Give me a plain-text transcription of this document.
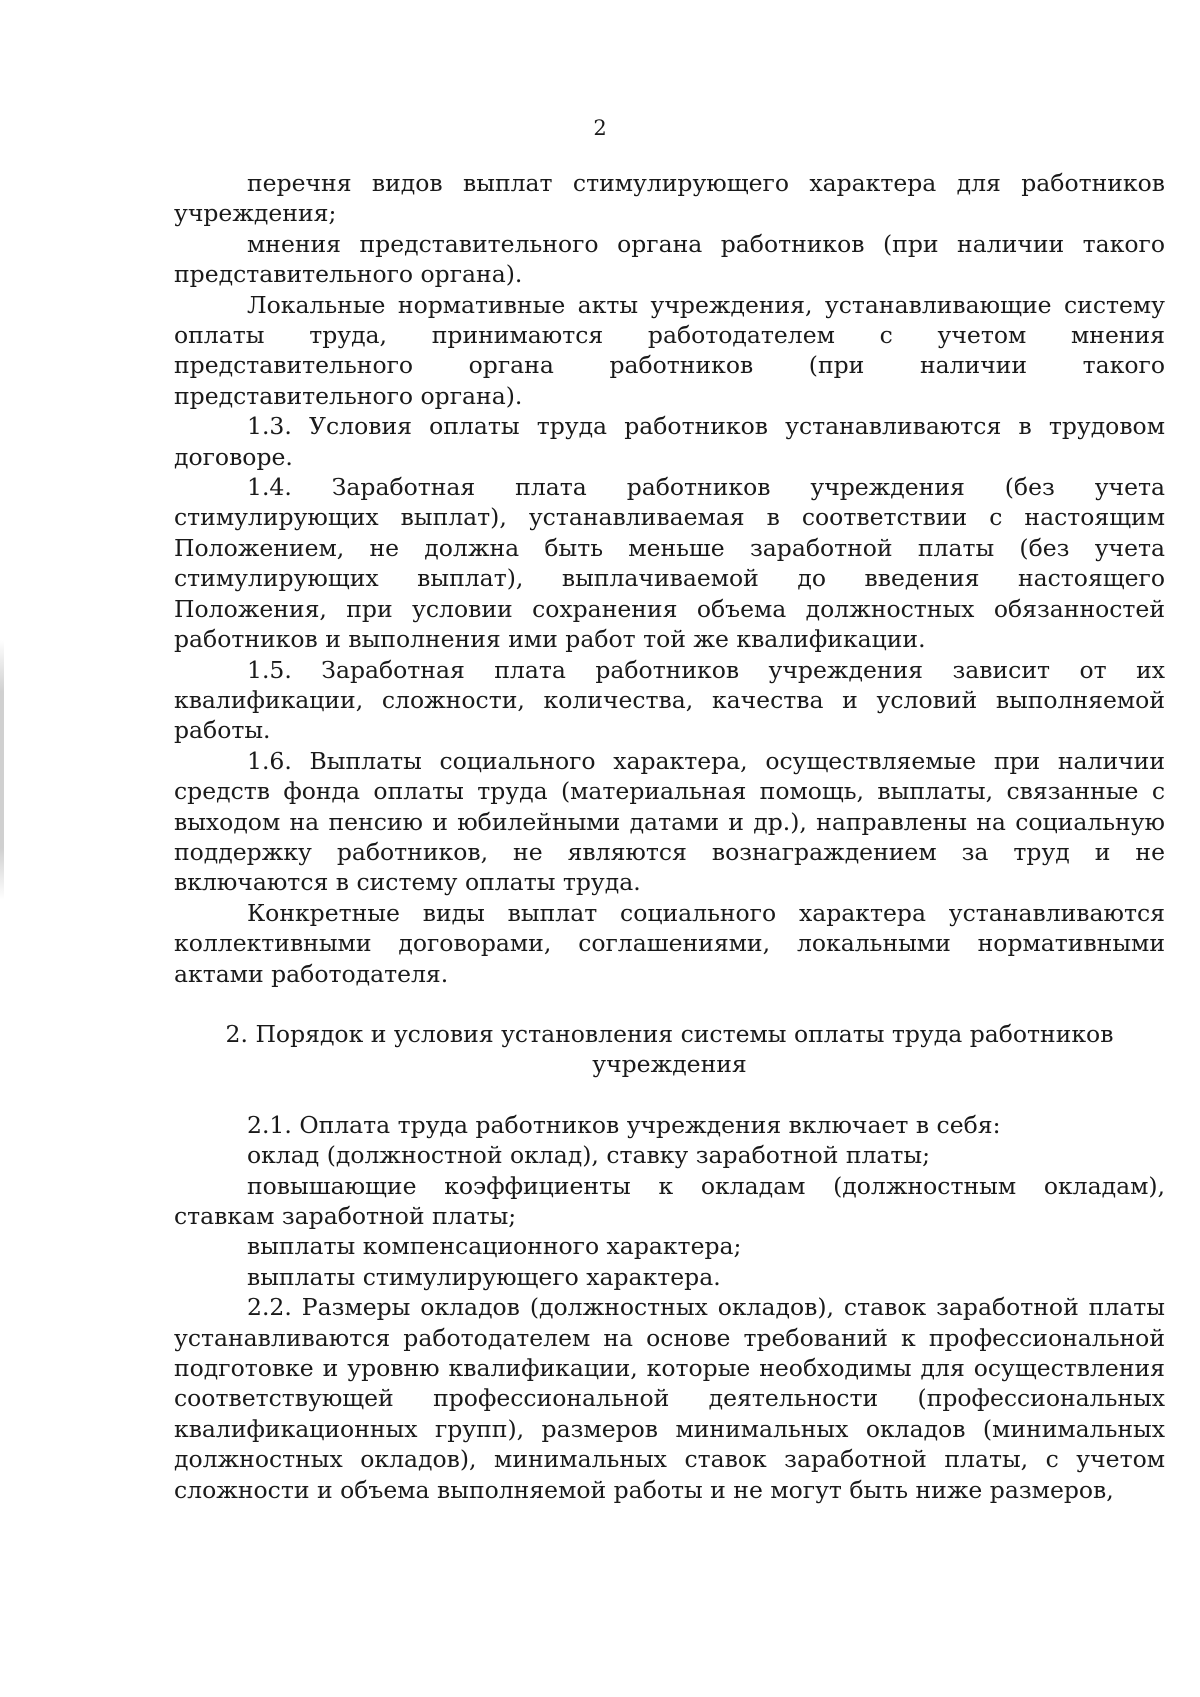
2

перечня видов выплат стимулирующего характера для работников учреждения;

мнения представительного органа работников (при наличии такого представительного органа).

Локальные нормативные акты учреждения, устанавливающие систему оплаты труда, принимаются работодателем с учетом мнения представительного органа работников (при наличии такого представительного органа).

1.3. Условия оплаты труда работников устанавливаются в трудовом договоре.

1.4. Заработная плата работников учреждения (без учета стимулирующих выплат), устанавливаемая в соответствии с настоящим Положением, не должна быть меньше заработной платы (без учета стимулирующих выплат), выплачиваемой до введения настоящего Положения, при условии сохранения объема должностных обязанностей работников и выполнения ими работ той же квалификации.

1.5. Заработная плата работников учреждения зависит от их квалификации, сложности, количества, качества и условий выполняемой работы.

1.6. Выплаты социального характера, осуществляемые при наличии средств фонда оплаты труда (материальная помощь, выплаты, связанные с выходом на пенсию и юбилейными датами и др.), направлены на социальную поддержку работников, не являются вознаграждением за труд и не включаются в систему оплаты труда.

Конкретные виды выплат социального характера устанавливаются коллективными договорами, соглашениями, локальными нормативными актами работодателя.

2. Порядок и условия установления системы оплаты труда работников учреждения

2.1. Оплата труда работников учреждения включает в себя:

оклад (должностной оклад), ставку заработной платы;

повышающие коэффициенты к окладам (должностным окладам), ставкам заработной платы;

выплаты компенсационного характера;

выплаты стимулирующего характера.

2.2. Размеры окладов (должностных окладов), ставок заработной платы устанавливаются работодателем на основе требований к профессиональной подготовке и уровню квалификации, которые необходимы для осуществления соответствующей профессиональной деятельности (профессиональных квалификационных групп), размеров минимальных окладов (минимальных должностных окладов), минимальных ставок заработной платы, с учетом сложности и объема выполняемой работы и не могут быть ниже размеров,
